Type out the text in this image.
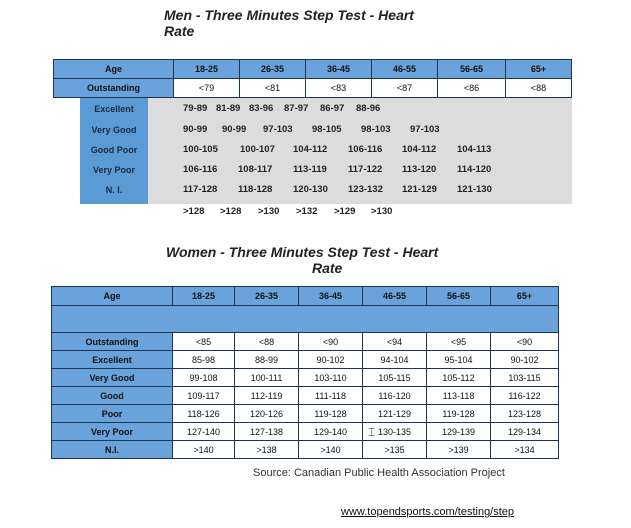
Men - Three Minutes Step Test - Heart
Rate
Age	18-25	26-35	36-45	46-55	56-65	65+
Outstanding	<79	<81	<83	<87	<86	<88
Excellent	79-89 81-89 83-96 87-97 86-97 88-96
Very Good	90-99 90-99 97-103 98-105 98-103 97-103
Good Poor	100-105 100-107 104-112 106-116 104-112 104-113
Very Poor	106-116 108-117 113-119 117-122 113-120 114-120
N. I.	117-128 118-128 120-130 123-132 121-129 121-130
>128 >128 >130 >132 >129 >130
Women - Three Minutes Step Test - Heart
Rate
Age	18-25	26-35	36-45	46-55	56-65	65+

Outstanding	<85	<88	<90	<94	<95	<90
Excellent	85-98	88-99	90-102	94-104	95-104	90-102
Very Good	99-108	100-111	103-110	105-115	105-112	103-115
Good	109-117	112-119	111-118	116-120	113-118	116-122
Poor	118-126	120-126	119-128	121-129	119-128	123-128
Very Poor	127-140	127-138	129-140	130-135	129-139	129-134
N.I.	>140	>138	>140	>135	>139	>134
⌶
Source: Canadian Public Health Association Project
www.topendsports.com/testing/step
